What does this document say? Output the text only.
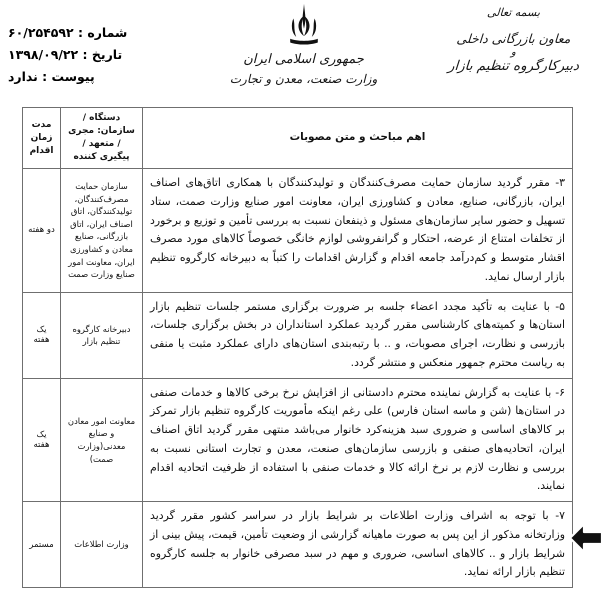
بسمه تعالی
معاون بازرگانی داخلی
و
دبیرکارگروه تنظیم بازار
جمهوری اسلامی ایران
وزارت صنعت، معدن و تجارت
شماره : ۶۰/۲۵۴۵۹۲
تاریخ : ۱۳۹۸/۰۹/۲۲
پیوست : ندارد
اهم مباحث و متن مصوبات	دستگاه /سازمان: مجری / متعهد / پیگیری کننده	مدت زمان اقدام

۳- مقرر گردید سازمان حمایت مصرف‌کنندگان و تولیدکنندگان با همکاری اتاق‌های اصناف ایران، بازرگانی، صنایع، معادن و کشاورزی ایران، معاونت امور صنایع وزارت صمت، ستاد تسهیل و حضور سایر سازمان‌های مسئول و ذینفعان نسبت به بررسی تأمین و توزیع و برخورد از تخلفات امتناع از عرضه، احتکار و گرانفروشی لوازم خانگی خصوصاً کالاهای مورد مصرف اقشار متوسط و کم‌درآمد جامعه اقدام و گزارش اقدامات را کتباً به دبیرخانه کارگروه تنظیم بازار ارسال نماید.	سازمان حمایت مصرف‌کنندگان، تولیدکنندگان، اتاق اصناف ایران، اتاق بازرگانی، صنایع معادن و کشاورزی ایران، معاونت امور صنایع وزارت صمت	دو هفته

۵- با عنایت به تأکید مجدد اعضاء جلسه بر ضرورت برگزاری مستمر جلسات تنظیم بازار استان‌ها و کمیته‌های کارشناسی مقرر گردید عملکرد استانداران در بخش برگزاری جلسات، بازرسی و نظارت، اجرای مصوبات، و .. با رتبه‌بندی استان‌های دارای عملکرد مثبت یا منفی به ریاست محترم جمهور منعکس و منتشر گردد.	دبیرخانه کارگروه تنظیم بازار	یک هفته

۶- با عنایت به گزارش نماینده محترم دادستانی از افزایش نرخ برخی کالاها و خدمات صنفی در استان‌ها (شن و ماسه استان فارس) علی رغم اینکه مأموریت کارگروه تنظیم بازار تمرکز بر کالاهای اساسی و ضروری سبد هزینه‌کرد خانوار می‌باشد منتهی مقرر گردید اتاق اصناف ایران، اتحادیه‌های صنفی و بازرسی سازمان‌های صنعت، معدن و تجارت استانی نسبت به بررسی و نظارت لازم بر نرخ ارائه کالا و خدمات صنفی با استفاده از ظرفیت اتحادیه اقدام نمایند.	معاونت امور معادن و صنایع معدنی(وزارت صمت)	یک هفته

۷- با توجه به اشراف وزارت اطلاعات بر شرایط بازار در سراسر کشور مقرر گردید وزارتخانه مذکور از این پس به صورت ماهیانه گزارشی از وضعیت تأمین، قیمت، پیش بینی از شرایط بازار و .. کالاهای اساسی، ضروری و مهم در سبد مصرفی خانوار به جلسه کارگروه تنظیم بازار ارائه نماید.	وزارت اطلاعات	مستمر
